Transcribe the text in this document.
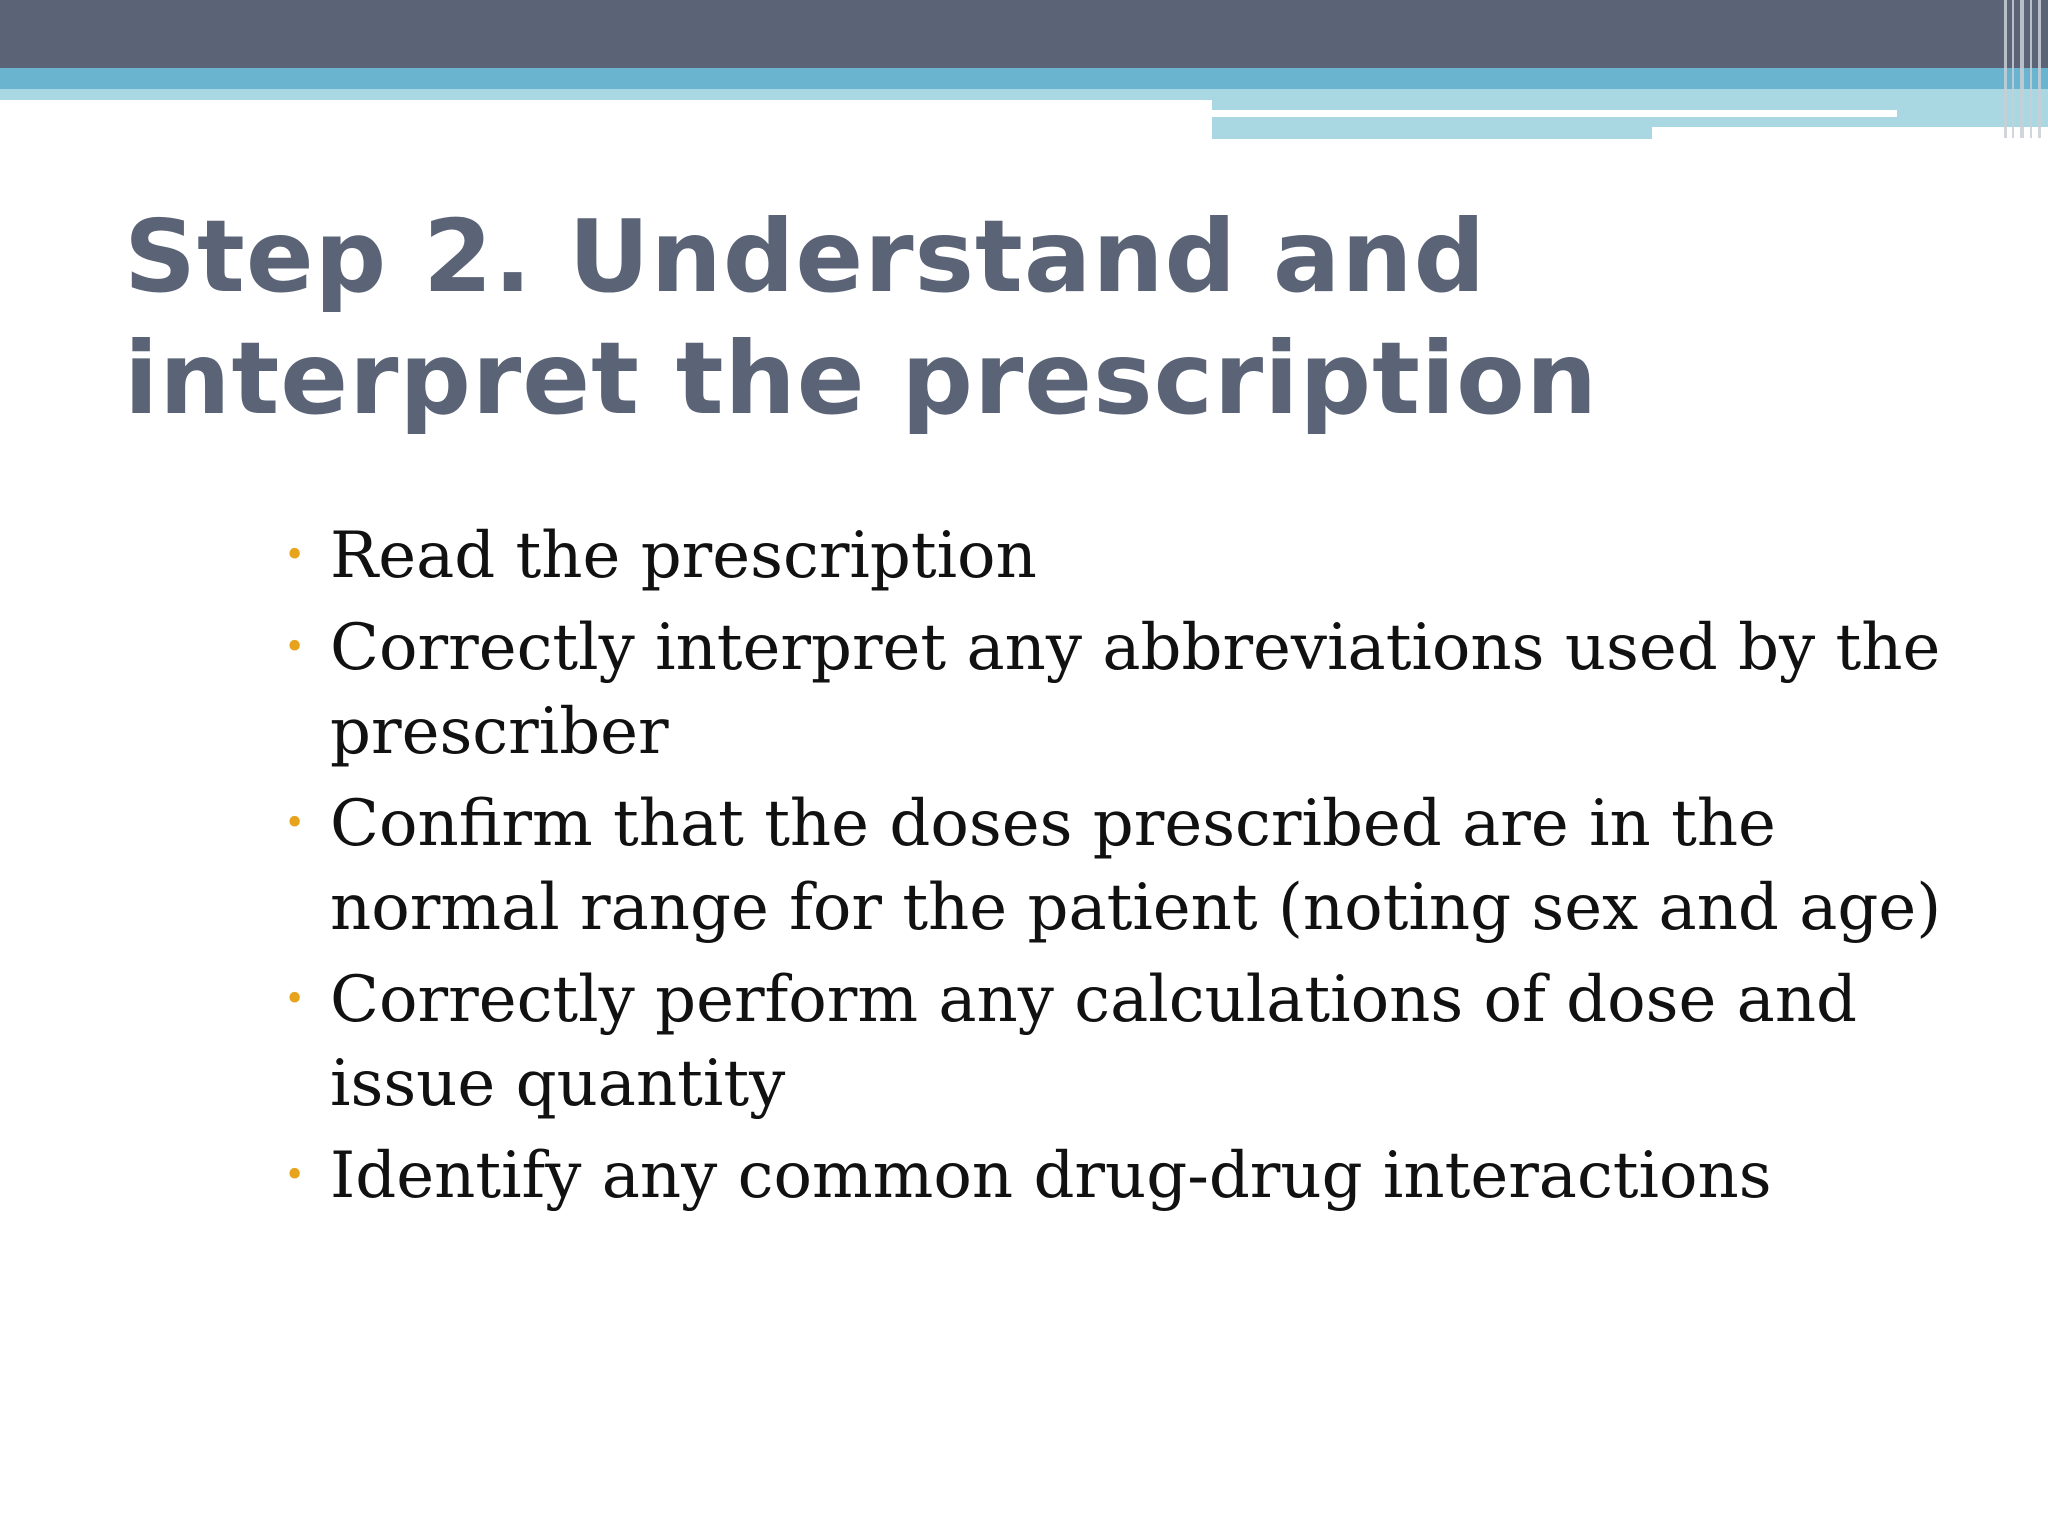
Step 2. Understand and interpret the prescription
• Read the prescription
• Correctly interpret any abbreviations used by the prescriber
• Confirm that the doses prescribed are in the normal range for the patient (noting sex and age)
• Correctly perform any calculations of dose and issue quantity
• Identify any common drug-drug interactions
